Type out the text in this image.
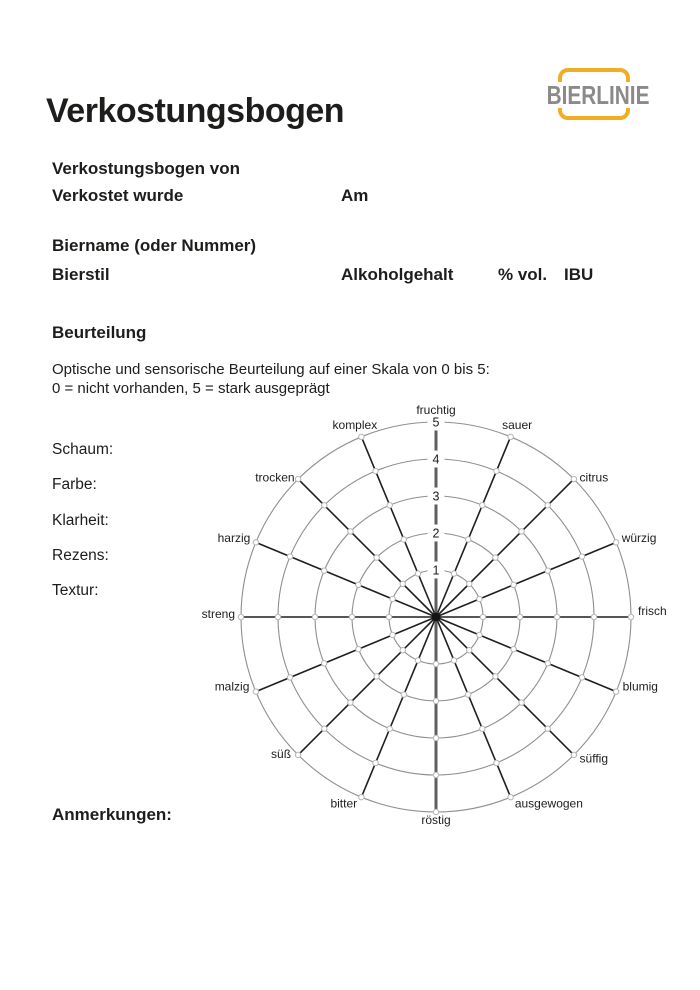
Verkostungsbogen	BIERLINIE
Verkostungsbogen von
Verkostet wurde	Am
Biername (oder Nummer)
Bierstil	Alkoholgehalt	% vol. IBU
Beurteilung
Optische und sensorische Beurteilung auf einer Skala von 0 bis 5:
0 = nicht vorhanden, 5 = stark ausgeprägt
Schaum:
Farbe:
Klarheit:
Rezens:
Textur:
Anmerkungen:
1
2
3
4
5
fruchtig
sauer
citrus
würzig
frisch
blumig
süffig
ausgewogen
röstig
bitter
süß
malzig
streng
harzig
trocken
komplex
